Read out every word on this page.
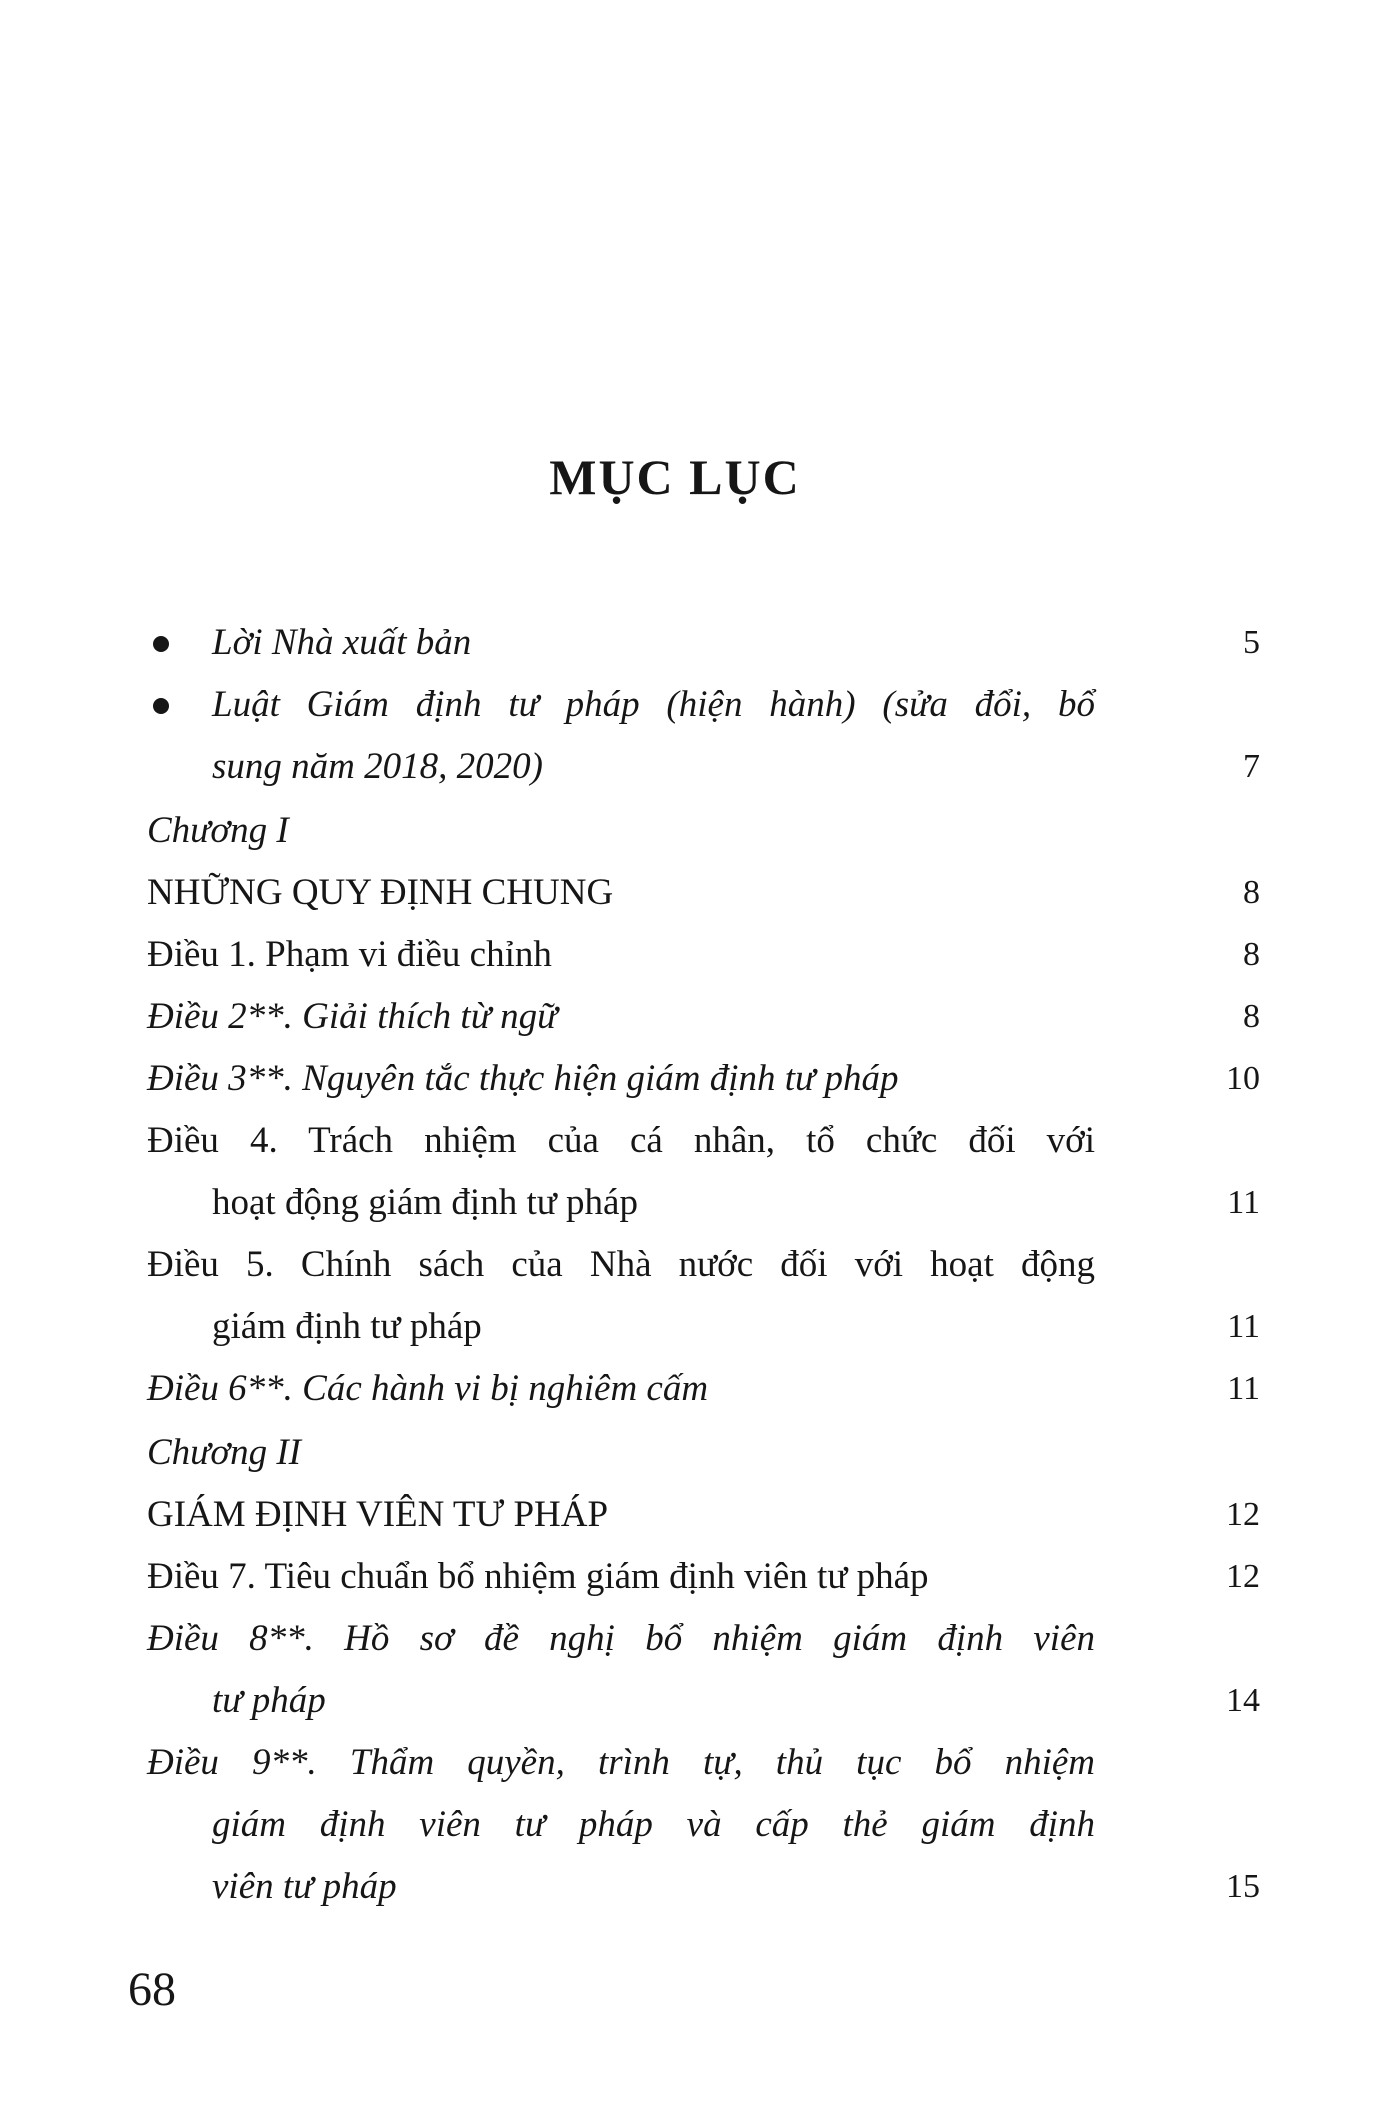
MỤC LỤC
Lời Nhà xuất bản	5
Luật Giám định tư pháp (hiện hành) (sửa đổi, bổ
sung năm 2018, 2020)	7
Chương I
NHỮNG QUY ĐỊNH CHUNG	8
Điều 1. Phạm vi điều chỉnh	8
Điều 2**. Giải thích từ ngữ	8
Điều 3**. Nguyên tắc thực hiện giám định tư pháp	10
Điều 4. Trách nhiệm của cá nhân, tổ chức đối với
hoạt động giám định tư pháp	11
Điều 5. Chính sách của Nhà nước đối với hoạt động
giám định tư pháp	11
Điều 6**. Các hành vi bị nghiêm cấm	11
Chương II
GIÁM ĐỊNH VIÊN TƯ PHÁP	12
Điều 7. Tiêu chuẩn bổ nhiệm giám định viên tư pháp	12
Điều 8**. Hồ sơ đề nghị bổ nhiệm giám định viên
tư pháp	14
Điều 9**. Thẩm quyền, trình tự, thủ tục bổ nhiệm
giám định viên tư pháp và cấp thẻ giám định
viên tư pháp	15
68
